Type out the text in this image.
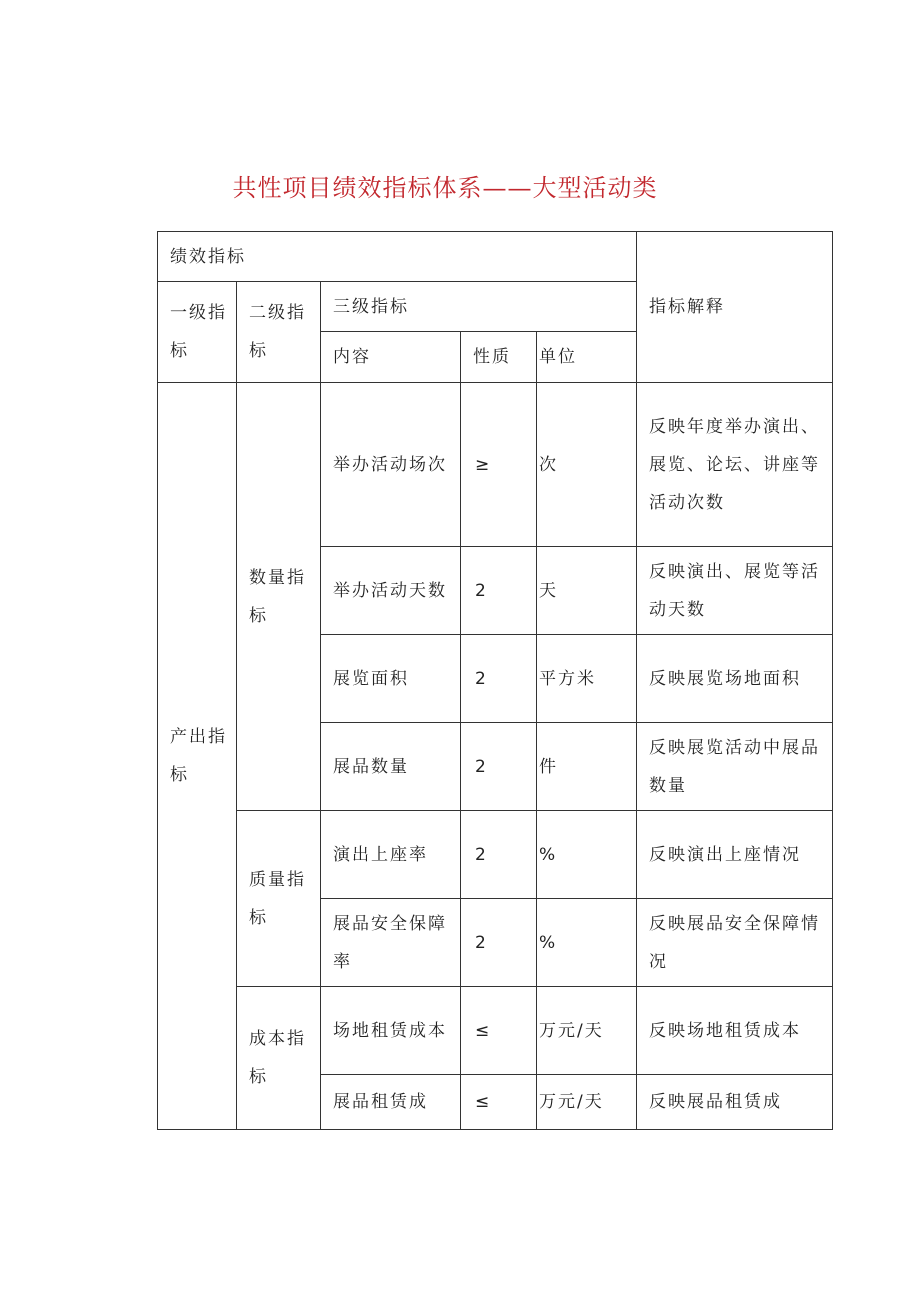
共性项目绩效指标体系——大型活动类
绩效指标					指标解释
一级指标	二级指标	三级指标			
		内容	性质	单位	
产出指标	数量指标	举办活动场次	≥	次	反映年度举办演出、展览、论坛、讲座等活动次数
		举办活动天数	2	天	反映演出、展览等活动天数
		展览面积	2	平方米	反映展览场地面积
		展品数量	2	件	反映展览活动中展品数量
	质量指标	演出上座率	2	%	反映演出上座情况
		展品安全保障率	2	%	反映展品安全保障情况
	成本指标	场地租赁成本	≤	万元/天	反映场地租赁成本
		展品租赁成	≤	万元/天	反映展品租赁成
